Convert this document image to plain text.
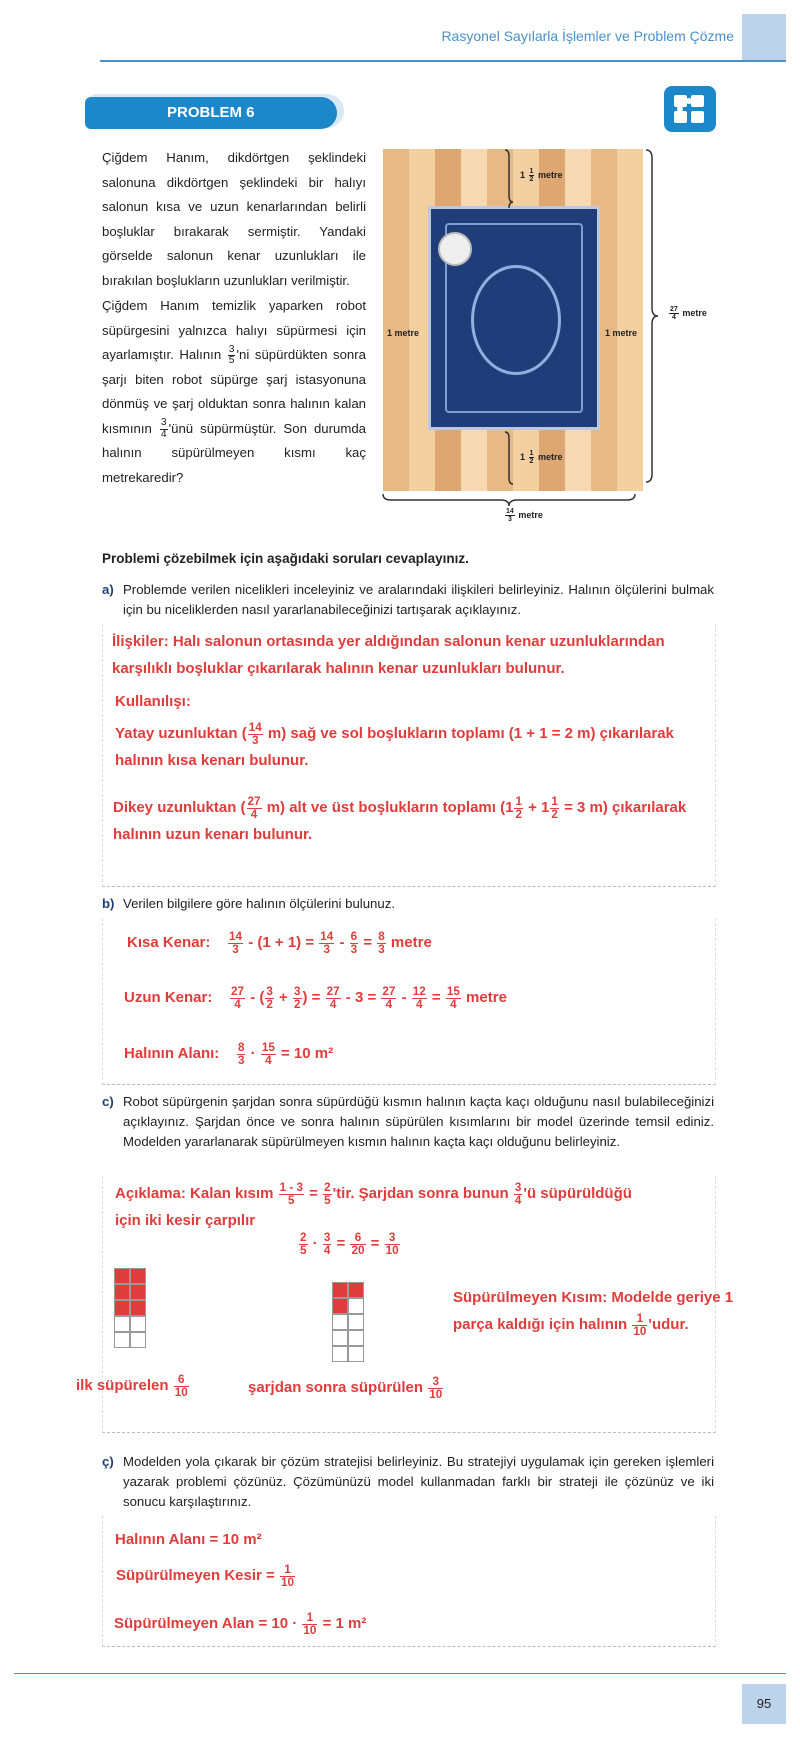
Rasyonel Sayılarla İşlemler ve Problem Çözme
PROBLEM 6
Çiğdem Hanım, dikdörtgen şeklindeki salonuna dikdörtgen şeklindeki bir halıyı salonun kısa ve uzun kenarlarından belirli boşluklar bırakarak sermiştir. Yandaki görselde salonun kenar uzunlukları ile bırakılan boşlukların uzunlukları verilmiştir.
Çiğdem Hanım temizlik yaparken robot süpürgesini yalnızca halıyı süpürmesi için ayarlamıştır. Halının $\frac{3}{5}$ 'ni süpürdükten sonra şarjı biten robot süpürge şarj istasyonuna dönmüş ve şarj olduktan sonra halının kalan kısmının $\frac{3}{4}$ 'ünü süpürmüştür. Son durumda halının süpürülmeyen kısmı kaç metrekaredir?
$1 \frac{1}{2}$ metre
$1 \frac{1}{2}$ metre
1 metre	1 metre
$\frac{27}{4}$ metre
$\frac{14}{3}$ metre
Problemi çözebilmek için aşağıdaki soruları cevaplayınız.
a) Problemde verilen nicelikleri inceleyiniz ve aralarındaki ilişkileri belirleyiniz. Halının ölçülerini bulmak için bu niceliklerden nasıl yararlanabileceğinizi tartışarak açıklayınız.
İlişkiler: Halı salonun ortasında yer aldığından salonun kenar uzunluklarından karşılıklı boşluklar çıkarılarak halının kenar uzunlukları bulunur.
Kullanılışı:
Yatay uzunluktan ( $\frac{14}{3} m$) sağ ve sol boşlukların toplamı (1 + 1 = 2 m) çıkarılarak
halının kısa kenarı bulunur.
Dikey uzunluktan ( $\frac{27}{4} m$) alt ve üst boşlukların toplamı ($1 \frac{1}{2} + 1 \frac{1}{2} = 3$ m) çıkarılarak
halının uzun kenarı bulunur.
b) Verilen bilgilere göre halının ölçülerini bulunuz.
Kısa Kenar: $\frac{14}{3} - (1 + 1) = \frac{14}{3} - \frac{6}{3} = \frac{8}{3}$ metre
Uzun Kenar: $\frac{27}{4}$ - ( $\frac{3}{2} + \frac{3}{2}$ ) = $\frac{27}{4} - 3 = \frac{27}{4} - \frac{12}{4} = \frac{15}{4}$ metre
Halının Alanı: $\frac{8}{3} \cdot \frac{15}{4} = 10$ m²
c) Robot süpürgenin şarjdan sonra süpürdüğü kısmın halının kaçta kaçı olduğunu nasıl bulabileceğinizi açıklayınız. Şarjdan önce ve sonra halının süpürülen kısımlarını bir model üzerinde temsil ediniz. Modelden yararlanarak süpürülmeyen kısmın halının kaçta kaçı olduğunu belirleyiniz.
Açıklama: Kalan kısım $\frac{1 - 3}{5} = \frac{2}{5}$ 'tir. Şarjdan sonra bunun $\frac{3}{4}$ 'ü süpürüldüğü
için iki kesir çarpılır
$\frac{2}{5} \cdot \frac{3}{4} = \frac{6}{20} = \frac{3}{10}$
Süpürülmeyen Kısım: Modelde geriye 1
parça kaldığı için halının $\frac{1}{10}$ 'udur.
ilk süpürelen $\frac{6}{10}$	şarjdan sonra süpürülen $\frac{3}{10}$
ç) Modelden yola çıkarak bir çözüm stratejisi belirleyiniz. Bu stratejiyi uygulamak için gereken işlemleri yazarak problemi çözünüz. Çözümünüzü model kullanmadan farklı bir strateji ile çözünüz ve iki sonucu karşılaştırınız.
Halının Alanı = 10 m²
Süpürülmeyen Kesir = $\frac{1}{10}$
Süpürülmeyen Alan = $10 \cdot \frac{1}{10} = 1$ m²
95
